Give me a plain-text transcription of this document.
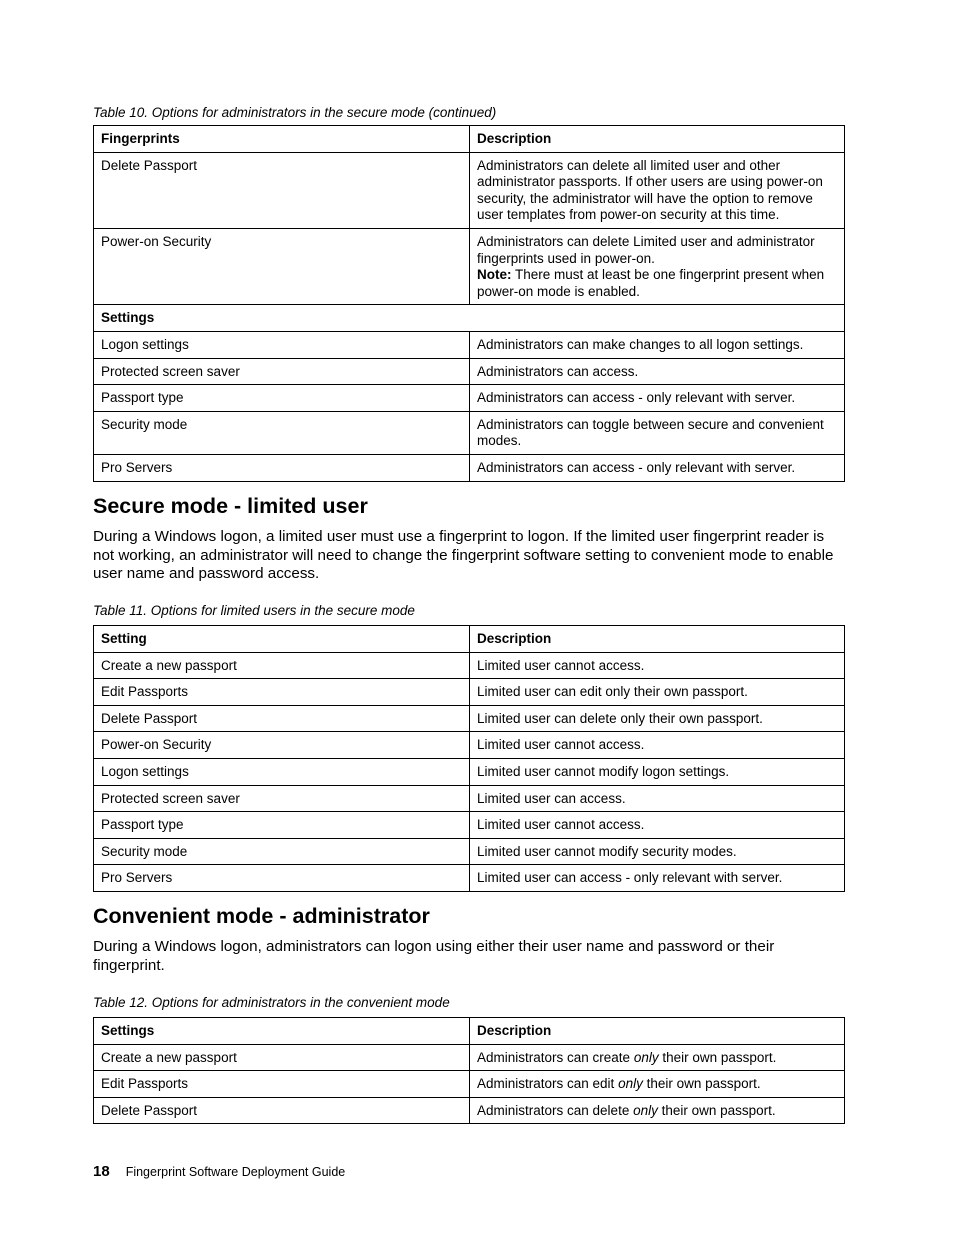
Table 10. Options for administrators in the secure mode (continued)

Fingerprints	Description
Delete Passport	Administrators can delete all limited user and other administrator passports. If other users are using power-on security, the administrator will have the option to remove user templates from power-on security at this time.
Power-on Security	Administrators can delete Limited user and administrator fingerprints used in power-on.
Note: There must at least be one fingerprint present when power-on mode is enabled.
Settings	
Logon settings	Administrators can make changes to all logon settings.
Protected screen saver	Administrators can access.
Passport type	Administrators can access - only relevant with server.
Security mode	Administrators can toggle between secure and convenient modes.
Pro Servers	Administrators can access - only relevant with server.
Secure mode - limited user

During a Windows logon, a limited user must use a fingerprint to logon. If the limited user fingerprint reader is not working, an administrator will need to change the fingerprint software setting to convenient mode to enable user name and password access.

Table 11. Options for limited users in the secure mode

Setting	Description
Create a new passport	Limited user cannot access.
Edit Passports	Limited user can edit only their own passport.
Delete Passport	Limited user can delete only their own passport.
Power-on Security	Limited user cannot access.
Logon settings	Limited user cannot modify logon settings.
Protected screen saver	Limited user can access.
Passport type	Limited user cannot access.
Security mode	Limited user cannot modify security modes.
Pro Servers	Limited user can access - only relevant with server.
Convenient mode - administrator

During a Windows logon, administrators can logon using either their user name and password or their fingerprint.

Table 12. Options for administrators in the convenient mode

Settings	Description
Create a new passport	Administrators can create only their own passport.
Edit Passports	Administrators can edit only their own passport.
Delete Passport	Administrators can delete only their own passport.
18 Fingerprint Software Deployment Guide
